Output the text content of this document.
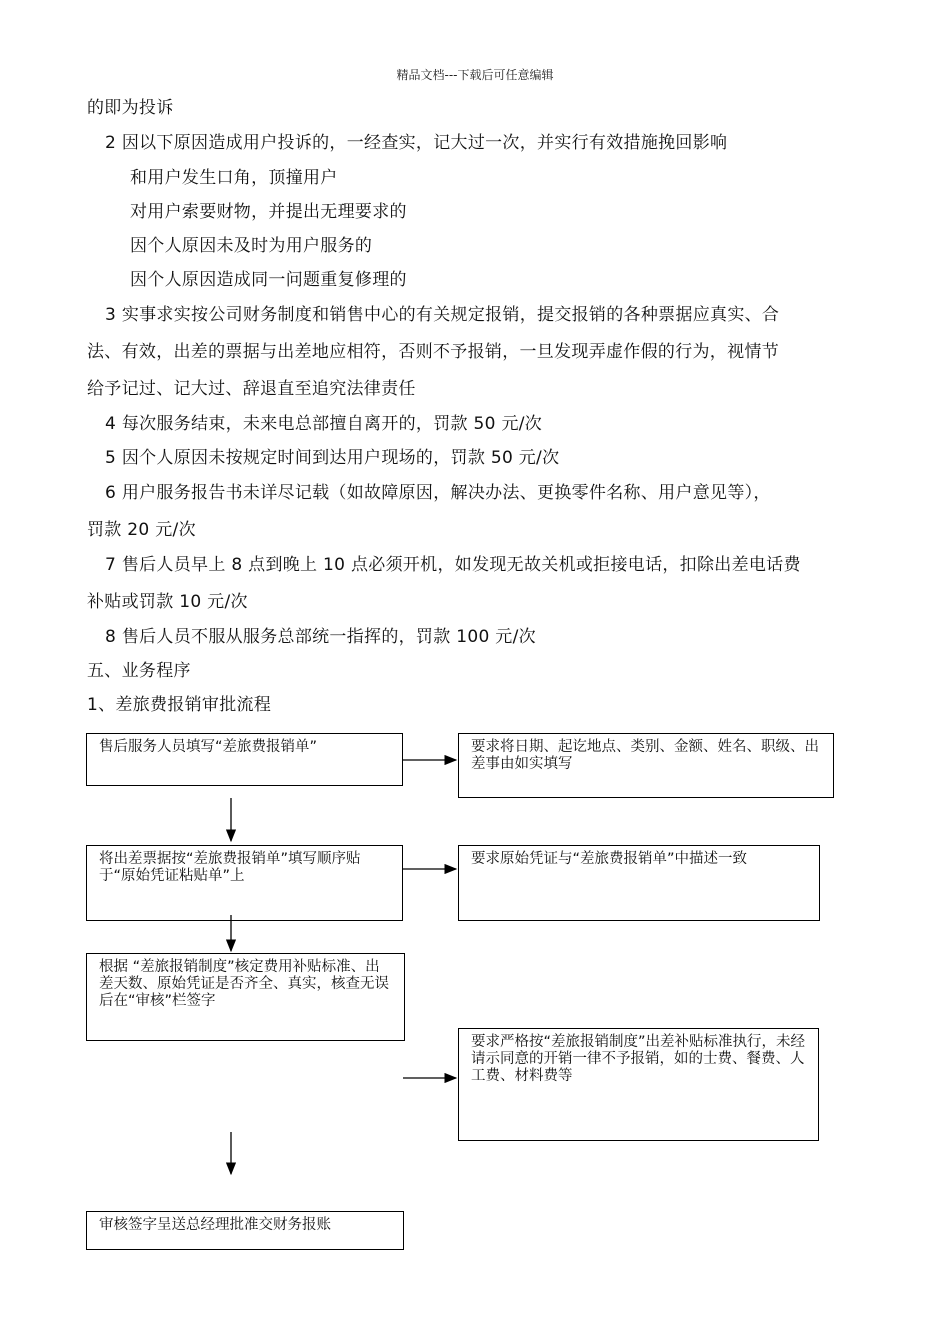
精品文档---下载后可任意编辑
的即为投诉
2 因以下原因造成用户投诉的，一经查实，记大过一次，并实行有效措施挽回影响
和用户发生口角，顶撞用户
对用户索要财物，并提出无理要求的
因个人原因未及时为用户服务的
因个人原因造成同一问题重复修理的
3 实事求实按公司财务制度和销售中心的有关规定报销，提交报销的各种票据应真实、合
法、有效，出差的票据与出差地应相符，否则不予报销，一旦发现弄虚作假的行为，视情节
给予记过、记大过、辞退直至追究法律责任
4 每次服务结束，未来电总部擅自离开的，罚款 50 元/次
5 因个人原因未按规定时间到达用户现场的，罚款 50 元/次
6 用户服务报告书未详尽记载（如故障原因，解决办法、更换零件名称、用户意见等），
罚款 20 元/次
7 售后人员早上 8 点到晚上 10 点必须开机，如发现无故关机或拒接电话，扣除出差电话费
补贴或罚款 10 元/次
8 售后人员不服从服务总部统一指挥的，罚款 100 元/次
五、业务程序
1、差旅费报销审批流程
售后服务人员填写“差旅费报销单”	要求将日期、起讫地点、类别、金额、姓名、职级、出差事由如实填写
将出差票据按“差旅费报销单”填写顺序贴于“原始凭证粘贴单”上
要求原始凭证与“差旅费报销单”中描述一致
根据 “差旅报销制度”核定费用补贴标准、出差天数、原始凭证是否齐全、真实，核查无误后在“审核”栏签字
要求严格按“差旅报销制度”出差补贴标准执行，未经请示同意的开销一律不予报销，如的士费、餐费、人工费、材料费等
审核签字呈送总经理批准交财务报账
